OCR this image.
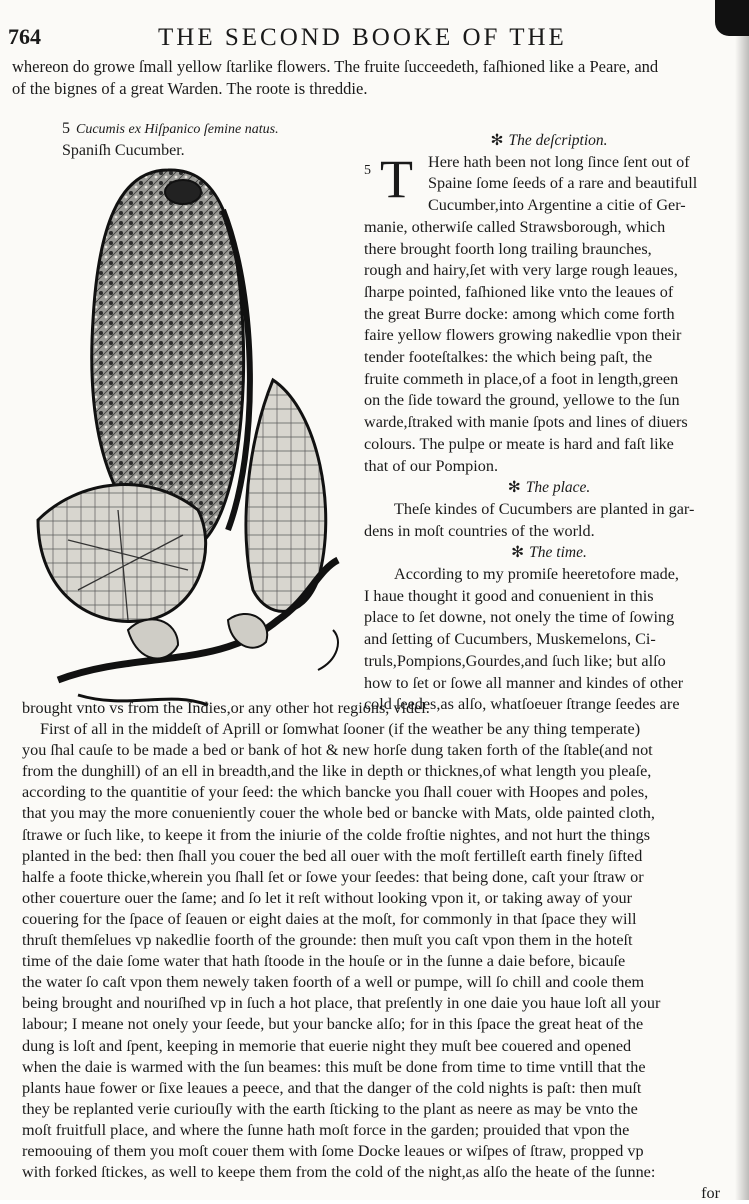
764	THE SECOND BOOKE OF THE
whereon do growe ſmall yellow ſtarlike flowers. The fruite ſucceedeth, faſhioned like a Peare, and
of the bignes of a great Warden. The roote is threddie.
5 Cucumis ex Hiſpanico ſemine natus.
Spaniſh Cucumber.
✻ The deſcription.
5 T Here hath been not long ſince ſent out of
Spaine ſome ſeeds of a rare and beautifull
Cucumber,into Argentine a citie of Ger-
manie, otherwiſe called Strawsborough, which
there brought foorth long trailing braunches,
rough and hairy,ſet with very large rough leaues,
ſharpe pointed, faſhioned like vnto the leaues of
the great Burre docke: among which come forth
faire yellow flowers growing nakedlie vpon their
tender footeſtalkes: the which being paſt, the
fruite commeth in place,of a foot in length,green
on the ſide toward the ground, yellowe to the ſun
warde,ſtraked with manie ſpots and lines of diuers
colours. The pulpe or meate is hard and faſt like
that of our Pompion.
✻ The place.
Theſe kindes of Cucumbers are planted in gar-
dens in moſt countries of the world.
✻ The time.
According to my promiſe heeretofore made,
I haue thought it good and conuenient in this
place to ſet downe, not onely the time of ſowing
and ſetting of Cucumbers, Muskemelons, Ci-
truls,Pompions,Gourdes,and ſuch like; but alſo
how to ſet or ſowe all manner and kindes of other
cold ſeedes,as alſo, whatſoeuer ſtrange ſeedes are
brought vnto vs from the Indies,or any other hot regions, videl.
First of all in the middeſt of Aprill or ſomwhat ſooner (if the weather be any thing temperate)
you ſhal cauſe to be made a bed or bank of hot & new horſe dung taken forth of the ſtable(and not
from the dunghill) of an ell in breadth,and the like in depth or thicknes,of what length you pleaſe,
according to the quantitie of your ſeed: the which bancke you ſhall couer with Hoopes and poles,
that you may the more conueniently couer the whole bed or bancke with Mats, olde painted cloth,
ſtrawe or ſuch like, to keepe it from the iniurie of the colde froſtie nightes, and not hurt the things
planted in the bed: then ſhall you couer the bed all ouer with the moſt fertilleſt earth finely ſifted
halfe a foote thicke,wherein you ſhall ſet or ſowe your ſeedes: that being done, caſt your ſtraw or
other couerture ouer the ſame; and ſo let it reſt without looking vpon it, or taking away of your
couering for the ſpace of ſeauen or eight daies at the moſt, for commonly in that ſpace they will
thruſt themſelues vp nakedlie foorth of the grounde: then muſt you caſt vpon them in the hoteſt
time of the daie ſome water that hath ſtoode in the houſe or in the ſunne a daie before, bicauſe
the water ſo caſt vpon them newely taken foorth of a well or pumpe, will ſo chill and coole them
being brought and nouriſhed vp in ſuch a hot place, that preſently in one daie you haue loſt all your
labour; I meane not onely your ſeede, but your bancke alſo; for in this ſpace the great heat of the
dung is loſt and ſpent, keeping in memorie that euerie night they muſt bee couered and opened
when the daie is warmed with the ſun beames: this muſt be done from time to time vntill that the
plants haue fower or ſixe leaues a peece, and that the danger of the cold nights is paſt: then muſt
they be replanted verie curiouſly with the earth ſticking to the plant as neere as may be vnto the
moſt fruitfull place, and where the ſunne hath moſt force in the garden; prouided that vpon the
remoouing of them you moſt couer them with ſome Docke leaues or wiſpes of ſtraw, propped vp
with forked ſtickes, as well to keepe them from the cold of the night,as alſo the heate of the ſunne:
for
